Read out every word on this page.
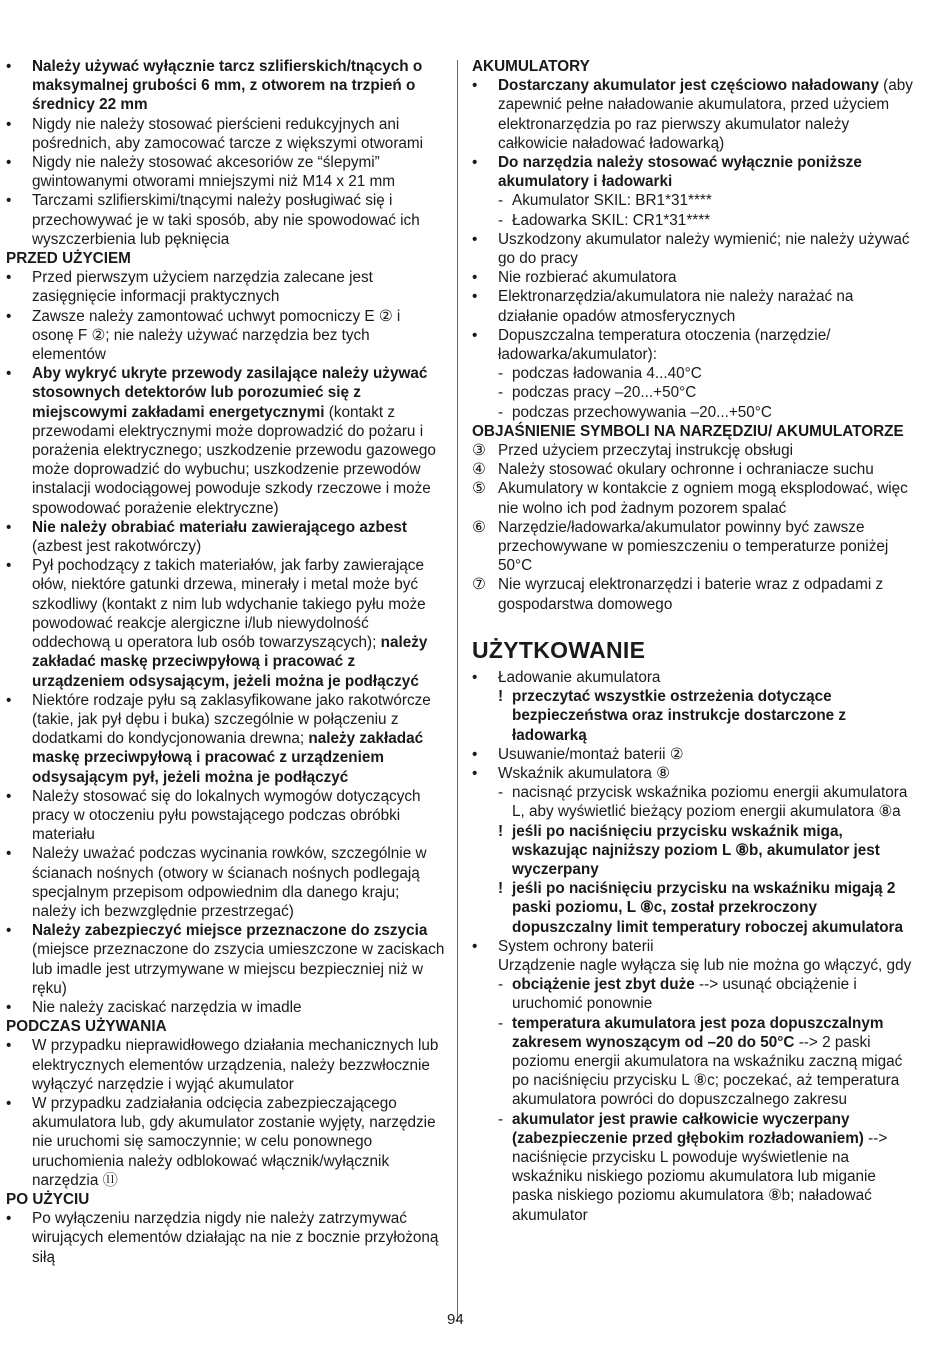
•	Należy używać wyłącznie tarcz szlifierskich/tnących o maksymalnej grubości 6 mm, z otworem na trzpień o średnicy 22 mm
•	Nigdy nie należy stosować pierścieni redukcyjnych ani pośrednich, aby zamocować tarcze z większymi otworami
•	Nigdy nie należy stosować akcesoriów ze “ślepymi” gwintowanymi otworami mniejszymi niż M14 x 21 mm
•	Tarczami szlifierskimi/tnącymi należy posługiwać się i przechowywać je w taki sposób, aby nie spowodować ich wyszczerbienia lub pęknięcia
PRZED UŻYCIEM
•	Przed pierwszym użyciem narzędzia zalecane jest zasięgnięcie informacji praktycznych
•	Zawsze należy zamontować uchwyt pomocniczy E ② i osonę F ②; nie należy używać narzędzia bez tych elementów
•	Aby wykryć ukryte przewody zasilające należy używać stosownych detektorów lub porozumieć się z miejscowymi zakładami energetycznymi (kontakt z przewodami elektrycznymi może doprowadzić do pożaru i porażenia elektrycznego; uszkodzenie przewodu gazowego może doprowadzić do wybuchu; uszkodzenie przewodów instalacji wodociągowej powoduje szkody rzeczowe i może spowodować porażenie elektryczne)
•	Nie należy obrabiać materiału zawierającego azbest (azbest jest rakotwórczy)
•	Pył pochodzący z takich materiałów, jak farby zawierające ołów, niektóre gatunki drzewa, minerały i metal może być szkodliwy (kontakt z nim lub wdychanie takiego pyłu może powodować reakcje alergiczne i/lub niewydolność oddechową u operatora lub osób towarzyszących); należy zakładać maskę przeciwpyłową i pracować z urządzeniem odsysającym, jeżeli można je podłączyć
•	Niektóre rodzaje pyłu są zaklasyfikowane jako rakotwórcze (takie, jak pył dębu i buka) szczególnie w połączeniu z dodatkami do kondycjonowania drewna; należy zakładać maskę przeciwpyłową i pracować z urządzeniem odsysającym pył, jeżeli można je podłączyć
•	Należy stosować się do lokalnych wymogów dotyczących pracy w otoczeniu pyłu powstającego podczas obróbki materiału
•	Należy uważać podczas wycinania rowków, szczególnie w ścianach nośnych (otwory w ścianach nośnych podlegają specjalnym przepisom odpowiednim dla danego kraju; należy ich bezwzględnie przestrzegać)
•	Należy zabezpieczyć miejsce przeznaczone do zszycia (miejsce przeznaczone do zszycia umieszczone w zaciskach lub imadle jest utrzymywane w miejscu bezpieczniej niż w ręku)
•	Nie należy zaciskać narzędzia w imadle
PODCZAS UŻYWANIA
•	W przypadku nieprawidłowego działania mechanicznych lub elektrycznych elementów urządzenia, należy bezzwłocznie wyłączyć narzędzie i wyjąć akumulator
•	W przypadku zadziałania odcięcia zabezpieczającego akumulatora lub, gdy akumulator zostanie wyjęty, narzędzie nie uruchomi się samoczynnie; w celu ponownego uruchomienia należy odblokować włącznik/wyłącznik narzędzia ⑪
PO UŻYCIU
•	Po wyłączeniu narzędzia nigdy nie należy zatrzymywać wirujących elementów działając na nie z bocznie przyłożoną siłą
AKUMULATORY
•	Dostarczany akumulator jest częściowo naładowany (aby zapewnić pełne naładowanie akumulatora, przed użyciem elektronarzędzia po raz pierwszy akumulator należy całkowicie naładować ładowarką)
•	Do narzędzia należy stosować wyłącznie poniższe akumulatory i ładowarki
- Akumulator SKIL: BR1*31****
- Ładowarka SKIL: CR1*31****
•	Uszkodzony akumulator należy wymienić; nie należy używać go do pracy
•	Nie rozbierać akumulatora
•	Elektronarzędzia/akumulatora nie należy narażać na działanie opadów atmosferycznych
•	Dopuszczalna temperatura otoczenia (narzędzie/ładowarka/akumulator):
- podczas ładowania 4...40°C
- podczas pracy –20...+50°C
- podczas przechowywania –20...+50°C
OBJAŚNIENIE SYMBOLI NA NARZĘDZIU/ AKUMULATORZE
③ Przed użyciem przeczytaj instrukcję obsługi
④ Należy stosować okulary ochronne i ochraniacze suchu
⑤ Akumulatory w kontakcie z ogniem mogą eksplodować, więc nie wolno ich pod żadnym pozorem spalać
⑥ Narzędzie/ładowarka/akumulator powinny być zawsze przechowywane w pomieszczeniu o temperaturze poniżej 50°C
⑦ Nie wyrzucaj elektronarzędzi i baterie wraz z odpadami z gospodarstwa domowego
UŻYTKOWANIE
•	Ładowanie akumulatora
! przeczytać wszystkie ostrzeżenia dotyczące bezpieczeństwa oraz instrukcje dostarczone z ładowarką
•	Usuwanie/montaż baterii ②
•	Wskaźnik akumulatora ⑧
- nacisnąć przycisk wskaźnika poziomu energii akumulatora L, aby wyświetlić bieżący poziom energii akumulatora ⑧a
! jeśli po naciśnięciu przycisku wskaźnik miga, wskazując najniższy poziom L ⑧b, akumulator jest wyczerpany
! jeśli po naciśnięciu przycisku na wskaźniku migają 2 paski poziomu, L ⑧c, został przekroczony dopuszczalny limit temperatury roboczej akumulatora
•	System ochrony baterii
Urządzenie nagle wyłącza się lub nie można go włączyć, gdy
- obciążenie jest zbyt duże --> usunąć obciążenie i uruchomić ponownie
- temperatura akumulatora jest poza dopuszczalnym zakresem wynoszącym od –20 do 50°C --> 2 paski poziomu energii akumulatora na wskaźniku zaczną migać po naciśnięciu przycisku L ⑧c; poczekać, aż temperatura akumulatora powróci do dopuszczalnego zakresu
- akumulator jest prawie całkowicie wyczerpany (zabezpieczenie przed głębokim rozładowaniem) --> naciśnięcie przycisku L powoduje wyświetlenie na wskaźniku niskiego poziomu akumulatora lub miganie paska niskiego poziomu akumulatora ⑧b; naładować akumulator
94
